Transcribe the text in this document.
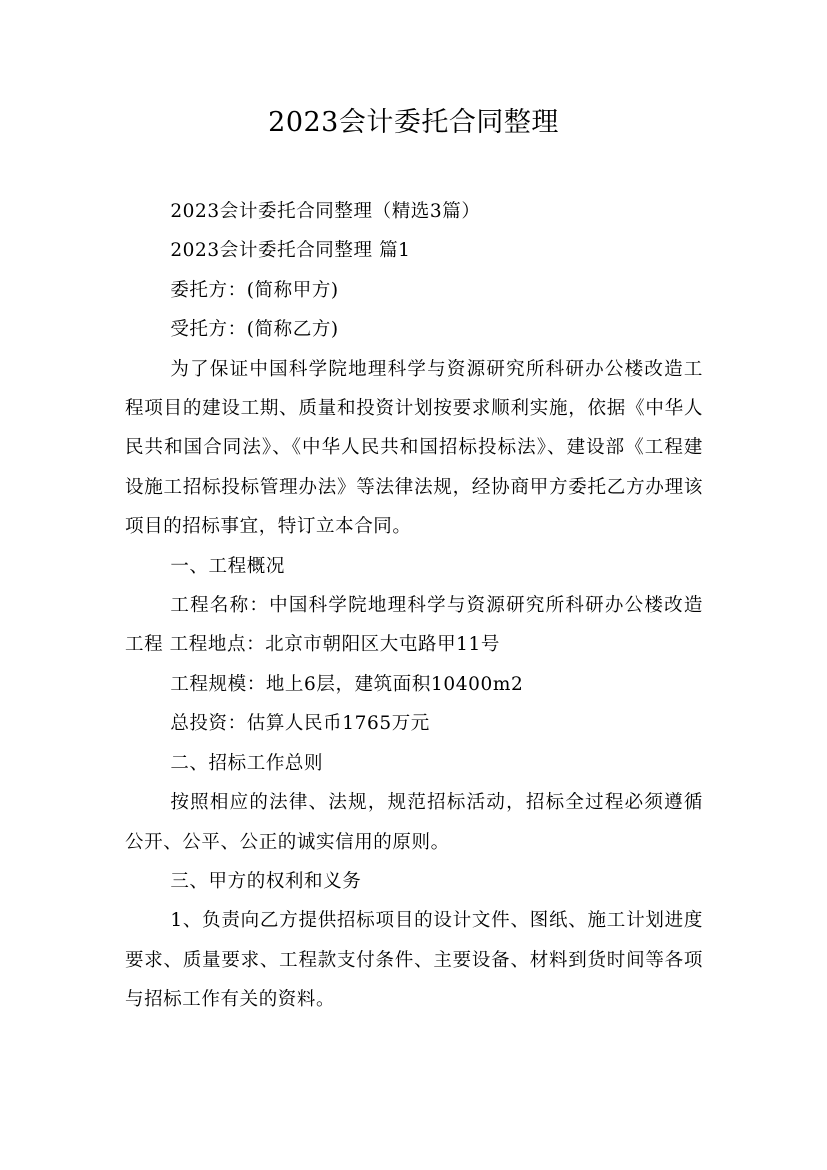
2023会计委托合同整理

2023会计委托合同整理（精选3篇）

2023会计委托合同整理 篇1

委托方：(简称甲方)

受托方：(简称乙方)

为了保证中国科学院地理科学与资源研究所科研办公楼改造工程项目的建设工期、质量和投资计划按要求顺利实施，依据《中华人民共和国合同法》、《中华人民共和国招标投标法》、建设部《工程建设施工招标投标管理办法》等法律法规，经协商甲方委托乙方办理该项目的招标事宜，特订立本合同。

一、工程概况

工程名称：中国科学院地理科学与资源研究所科研办公楼改造工程 工程地点：北京市朝阳区大屯路甲11号

工程规模：地上6层，建筑面积10400m2

总投资：估算人民币1765万元

二、招标工作总则

按照相应的法律、法规，规范招标活动，招标全过程必须遵循公开、公平、公正的诚实信用的原则。

三、甲方的权利和义务

1、负责向乙方提供招标项目的设计文件、图纸、施工计划进度要求、质量要求、工程款支付条件、主要设备、材料到货时间等各项与招标工作有关的资料。
